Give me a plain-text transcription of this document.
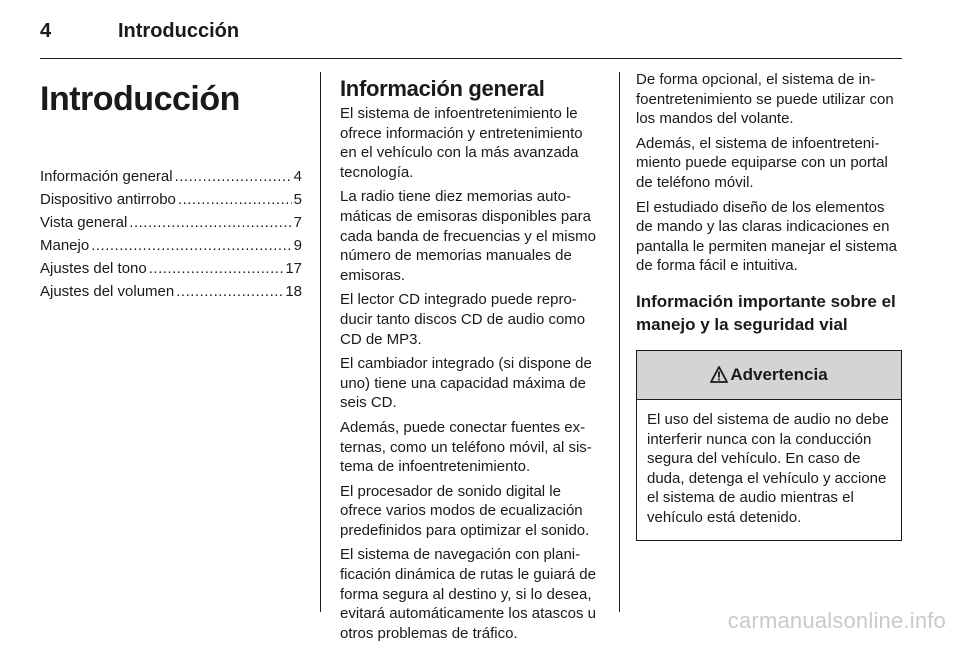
4	Introducción
Introducción
Información general .....	4
Dispositivo antirrobo .....	5
Vista general .....	7
Manejo .....	9
Ajustes del tono .....	17
Ajustes del volumen .....	18
Información general

El sistema de infoentretenimiento le ofrece información y entretenimiento en el vehículo con la más avanzada tecnología.

La radio tiene diez memorias automáticas de emisoras disponibles para cada banda de frecuencias y el mismo número de memorias manuales de emisoras.

El lector CD integrado puede reproducir tanto discos CD de audio como CD de MP3.

El cambiador integrado (si dispone de uno) tiene una capacidad máxima de seis CD.

Además, puede conectar fuentes externas, como un teléfono móvil, al sistema de infoentretenimiento.

El procesador de sonido digital le ofrece varios modos de ecualización predefinidos para optimizar el sonido.

El sistema de navegación con planificación dinámica de rutas le guiará de forma segura al destino y, si lo desea, evitará automáticamente los atascos u otros problemas de tráfico.

De forma opcional, el sistema de infoentretenimiento se puede utilizar con los mandos del volante.

Además, el sistema de infoentretenimiento puede equiparse con un portal de teléfono móvil.

El estudiado diseño de los elementos de mando y las claras indicaciones en pantalla le permiten manejar el sistema de forma fácil e intuitiva.

Información importante sobre el manejo y la seguridad vial
Advertencia
El uso del sistema de audio no debe interferir nunca con la conducción segura del vehículo. En caso de duda, detenga el vehículo y accione el sistema de audio mientras el vehículo está detenido.
carmanualsonline.info
